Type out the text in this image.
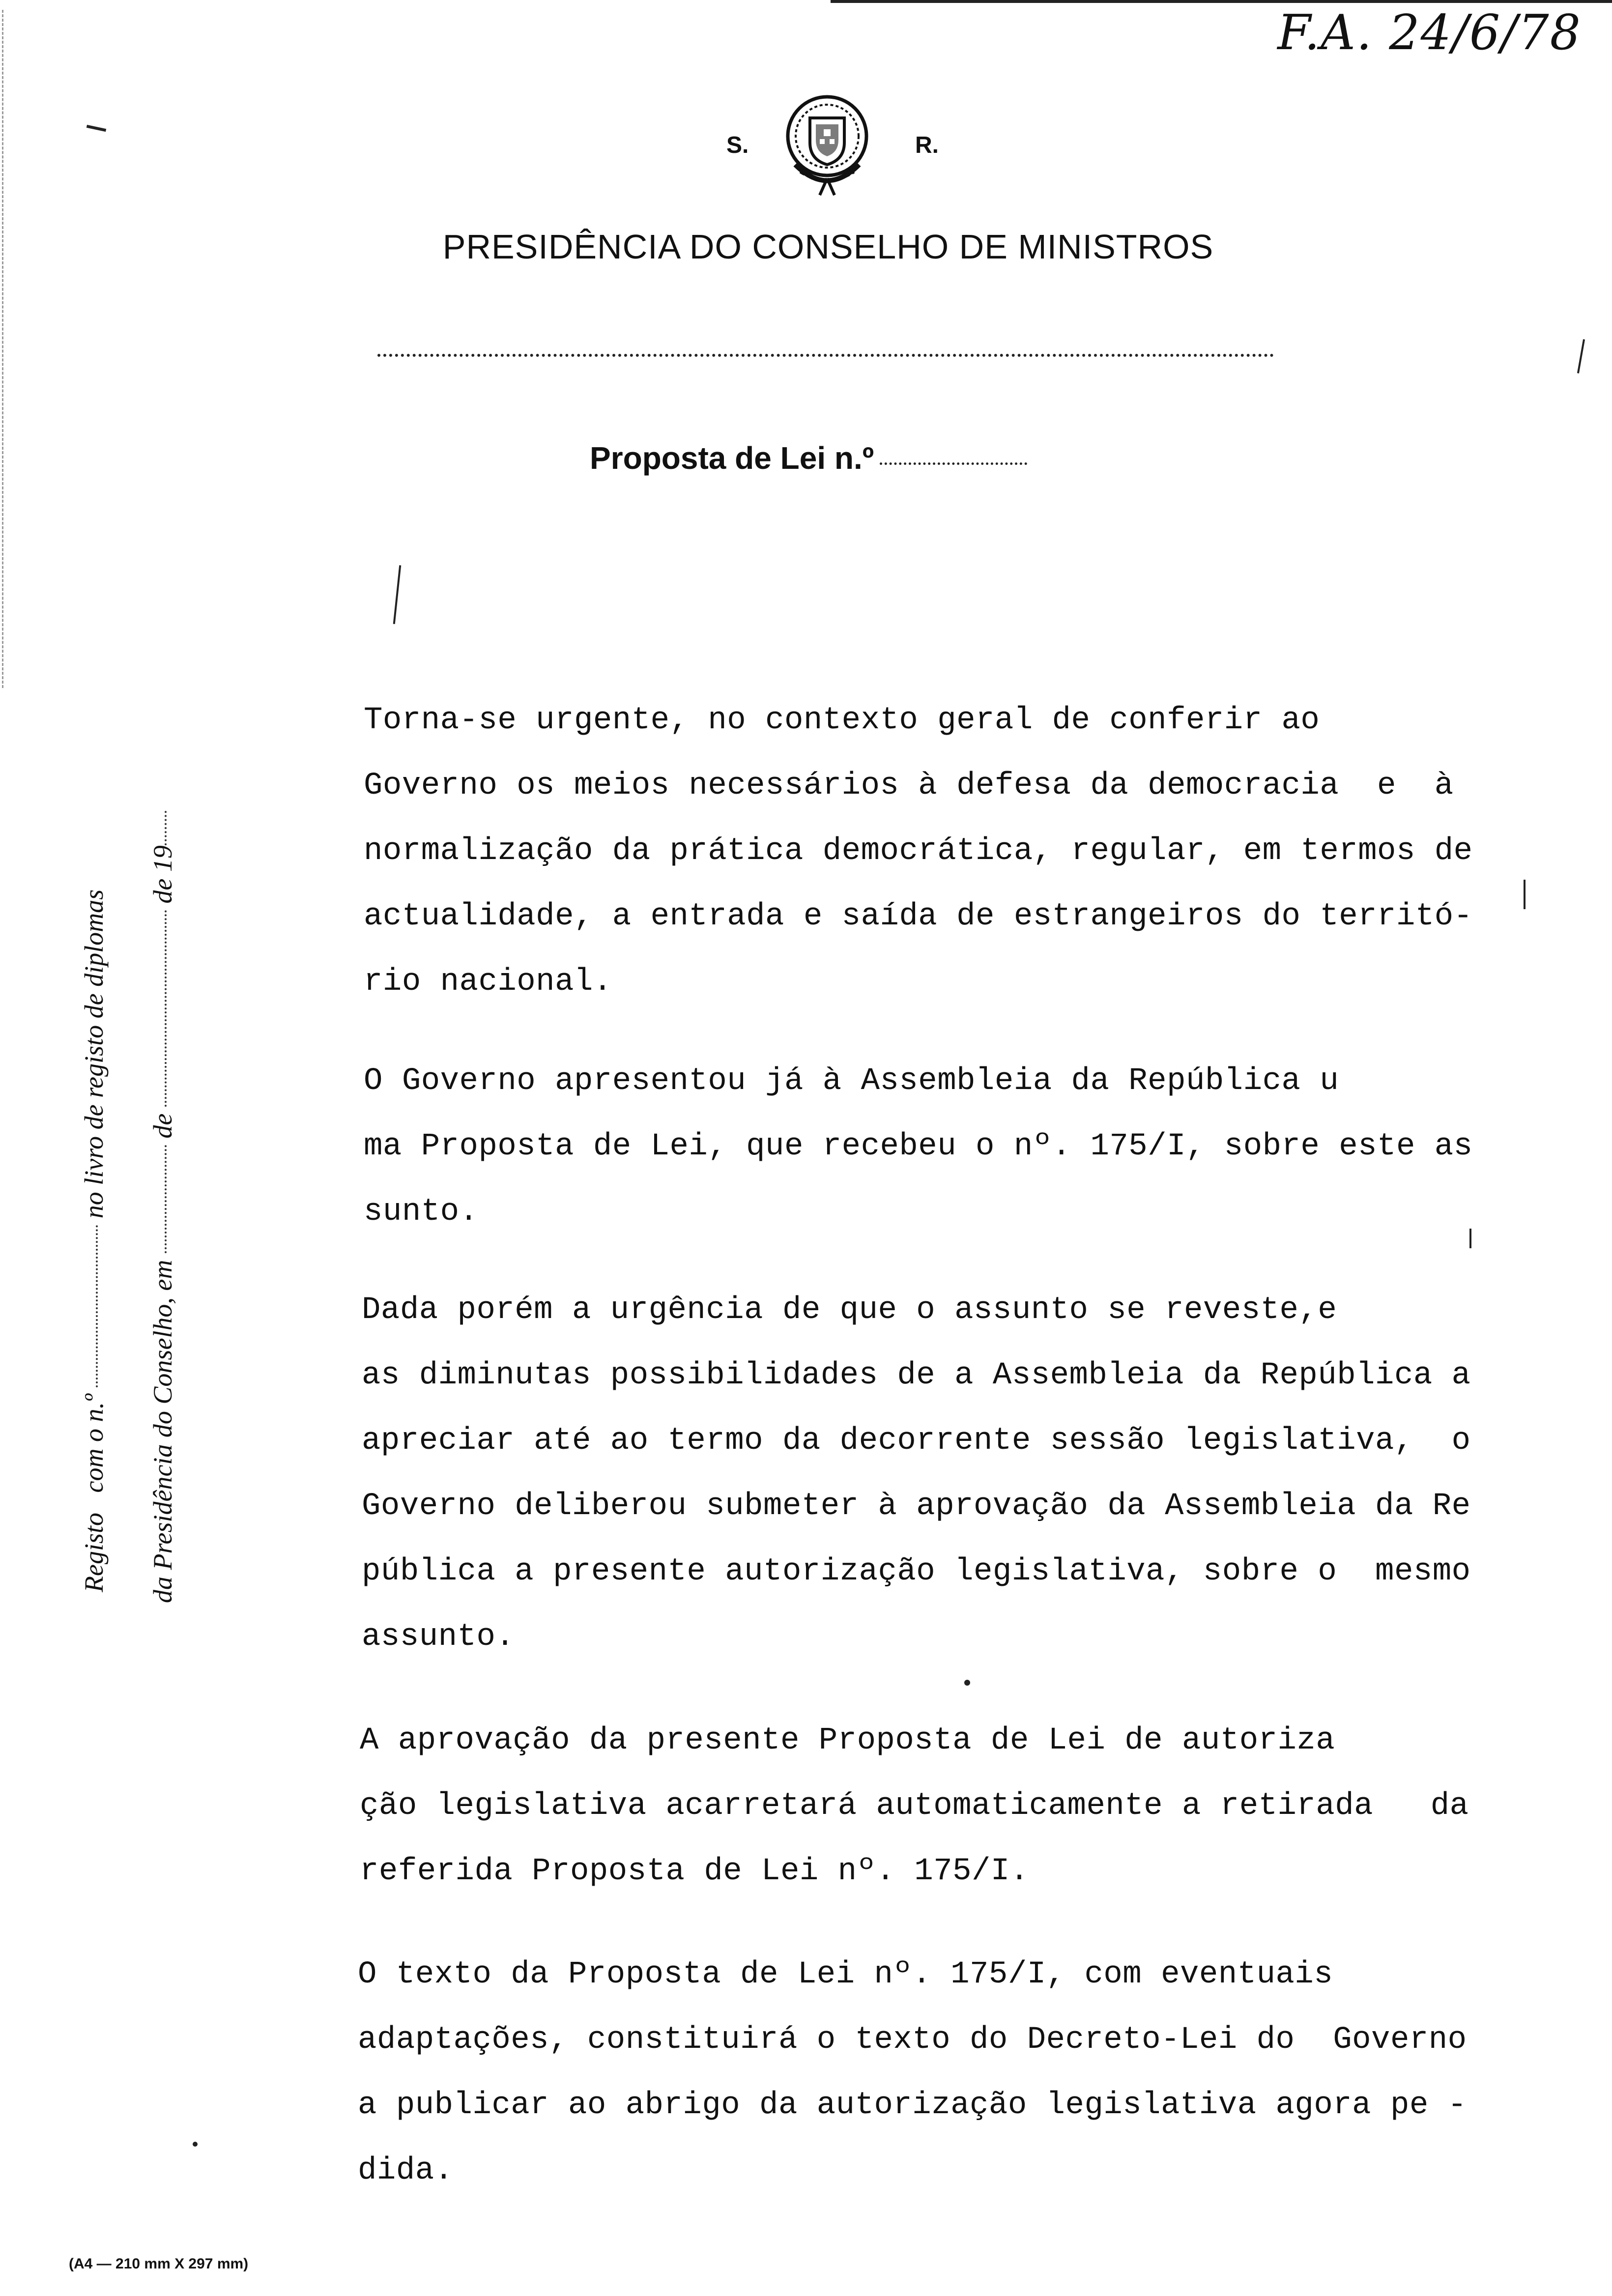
F.A. 24/6/78
S.	R.
PRESIDÊNCIA DO CONSELHO DE MINISTROS
Proposta de Lei n.º
Registo   com o n.º  no livro de registo de diplomas
da Presidência do Conselho, em  de  de 19
Torna-se urgente, no contexto geral de conferir ao
Governo os meios necessários à defesa da democracia  e  à
normalização da prática democrática, regular, em termos de
actualidade, a entrada e saída de estrangeiros do territó-
rio nacional.
O Governo apresentou já à Assembleia da República u
ma Proposta de Lei, que recebeu o nº. 175/I, sobre este as
sunto.
Dada porém a urgência de que o assunto se reveste,e
as diminutas possibilidades de a Assembleia da República a
apreciar até ao termo da decorrente sessão legislativa,  o
Governo deliberou submeter à aprovação da Assembleia da Re
pública a presente autorização legislativa, sobre o  mesmo
assunto.
A aprovação da presente Proposta de Lei de autoriza
ção legislativa acarretará automaticamente a retirada   da
referida Proposta de Lei nº. 175/I.
O texto da Proposta de Lei nº. 175/I, com eventuais
adaptações, constituirá o texto do Decreto-Lei do  Governo
a publicar ao abrigo da autorização legislativa agora pe -
dida.
(A4 — 210 mm X 297 mm)
